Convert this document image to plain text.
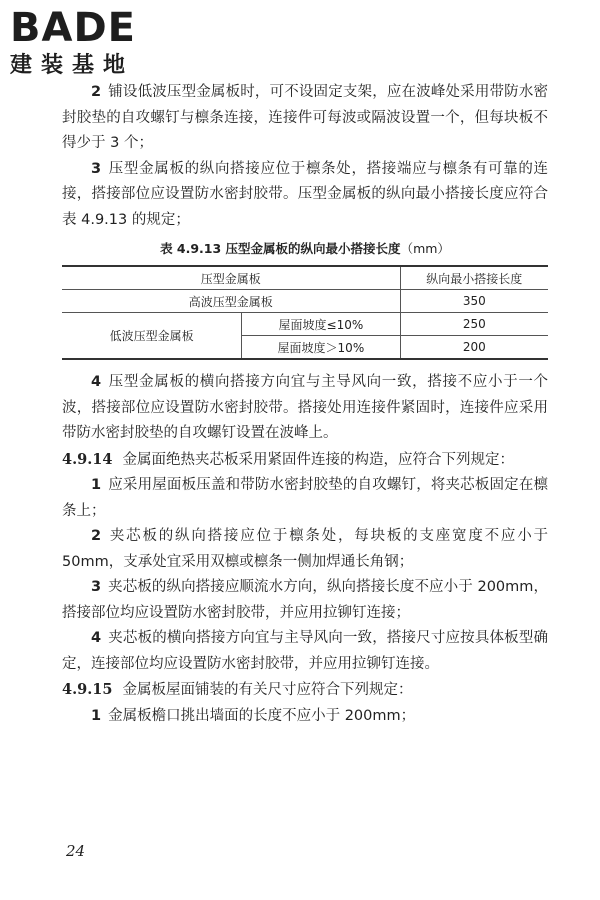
BADE
建装基地

2 铺设低波压型金属板时，可不设固定支架，应在波峰处采用带防水密封胶垫的自攻螺钉与檩条连接，连接件可每波或隔波设置一个，但每块板不得少于 3 个；

3 压型金属板的纵向搭接应位于檩条处，搭接端应与檩条有可靠的连接，搭接部位应设置防水密封胶带。压型金属板的纵向最小搭接长度应符合表 4.9.13 的规定；

表 4.9.13 压型金属板的纵向最小搭接长度（mm）
压型金属板		纵向最小搭接长度
高波压型金属板		350
低波压型金属板	屋面坡度≤10%	250
	屋面坡度＞10%	200

4 压型金属板的横向搭接方向宜与主导风向一致，搭接不应小于一个波，搭接部位应设置防水密封胶带。搭接处用连接件紧固时，连接件应采用带防水密封胶垫的自攻螺钉设置在波峰上。

4.9.14 金属面绝热夹芯板采用紧固件连接的构造，应符合下列规定：

1 应采用屋面板压盖和带防水密封胶垫的自攻螺钉，将夹芯板固定在檩条上；

2 夹芯板的纵向搭接应位于檩条处，每块板的支座宽度不应小于 50mm，支承处宜采用双檩或檩条一侧加焊通长角钢；

3 夹芯板的纵向搭接应顺流水方向，纵向搭接长度不应小于 200mm，搭接部位均应设置防水密封胶带，并应用拉铆钉连接；

4 夹芯板的横向搭接方向宜与主导风向一致，搭接尺寸应按具体板型确定，连接部位均应设置防水密封胶带，并应用拉铆钉连接。

4.9.15 金属板屋面铺装的有关尺寸应符合下列规定：

1 金属板檐口挑出墙面的长度不应小于 200mm；

24
